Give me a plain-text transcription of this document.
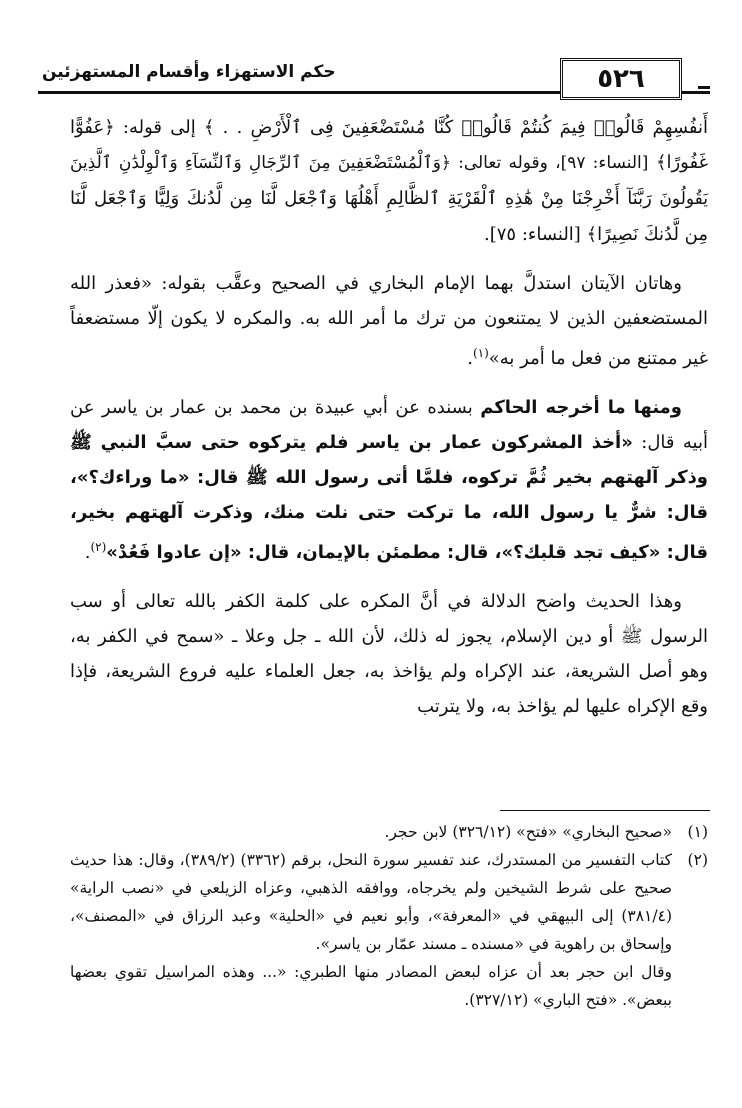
٥٢٦
حكم الاستهزاء وأقسام المستهزئين

أَنفُسِهِمْ قَالُوا۟ فِيمَ كُنتُمْ قَالُوا۟ كُنَّا مُسْتَضْعَفِينَ فِى ٱلْأَرْضِ . . ﴾ إلى قوله: ﴿عَفُوًّا غَفُورًا﴾ [النساء: ٩٧]، وقوله تعالى: ﴿وَٱلْمُسْتَضْعَفِينَ مِنَ ٱلرِّجَالِ وَٱلنِّسَآءِ وَٱلْوِلْدَٰنِ ٱلَّذِينَ يَقُولُونَ رَبَّنَآ أَخْرِجْنَا مِنْ هَٰذِهِ ٱلْقَرْيَةِ ٱلظَّالِمِ أَهْلُهَا وَٱجْعَل لَّنَا مِن لَّدُنكَ وَلِيًّا وَٱجْعَل لَّنَا مِن لَّدُنكَ نَصِيرًا﴾ [النساء: ٧٥].

وهاتان الآيتان استدلَّ بهما الإمام البخاري في الصحيح وعقَّب بقوله: «فعذر الله المستضعفين الذين لا يمتنعون من ترك ما أمر الله به. والمكره لا يكون إلّا مستضعفاً غير ممتنع من فعل ما أمر به»$^{(١)}$.

ومنها ما أخرجه الحاكم بسنده عن أبي عبيدة بن محمد بن عمار بن ياسر عن أبيه قال: «أخذ المشركون عمار بن ياسر فلم يتركوه حتى سبَّ النبي ﷺ وذكر آلهتهم بخير ثُمَّ تركوه، فلمَّا أتى رسول الله ﷺ قال: «ما وراءك؟»، قال: شرٌّ يا رسول الله، ما تركت حتى نلت منك، وذكرت آلهتهم بخير، قال: «كيف تجد قلبك؟»، قال: مطمئن بالإيمان، قال: «إن عادوا فَعُدْ»$^{(٢)}$.

وهذا الحديث واضح الدلالة في أنَّ المكره على كلمة الكفر بالله تعالى أو سب الرسول ﷺ أو دين الإسلام، يجوز له ذلك، لأن الله ـ جل وعلا ـ «سمح في الكفر به، وهو أصل الشريعة، عند الإكراه ولم يؤاخذ به، جعل العلماء عليه فروع الشريعة، فإذا وقع الإكراه عليها لم يؤاخذ به، ولا يترتب

(١)

«صحيح البخاري» «فتح» (٣٢٦/١٢) لابن حجر.

(٢)

كتاب التفسير من المستدرك، عند تفسير سورة النحل، برقم (٣٣٦٢) (٣٨٩/٢)، وقال: هذا حديث صحيح على شرط الشيخين ولم يخرجاه، ووافقه الذهبي، وعزاه الزيلعي في «نصب الراية» (٣٨١/٤) إلى البيهقي في «المعرفة»، وأبو نعيم في «الحلية» وعبد الرزاق في «المصنف»، وإسحاق بن راهوية في «مسنده ـ مسند عمّار بن ياسر».

وقال ابن حجر بعد أن عزاه لبعض المصادر منها الطبري: «... وهذه المراسيل تقوي بعضها ببعض». «فتح الباري» (٣٢٧/١٢).
